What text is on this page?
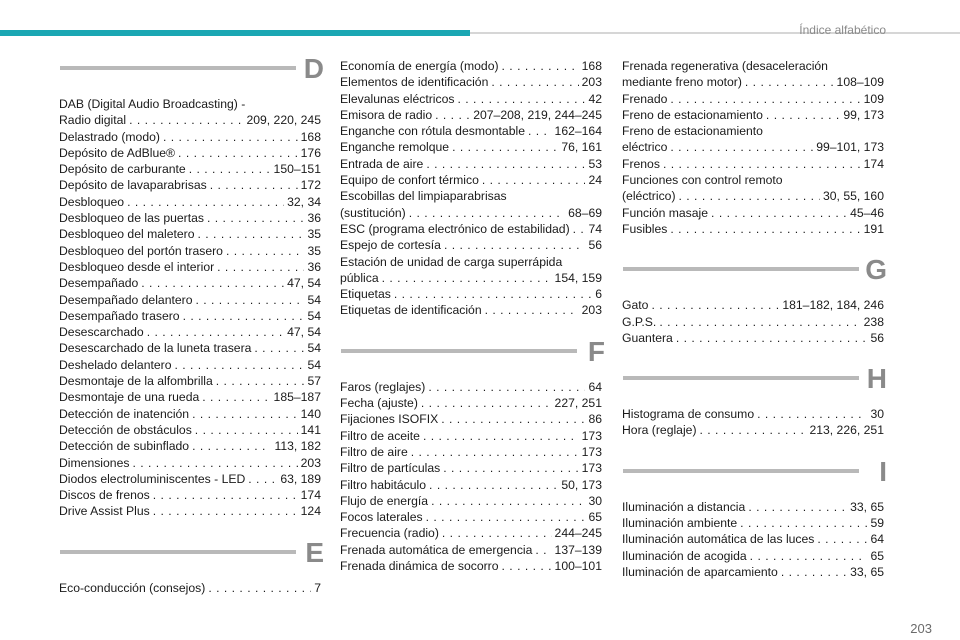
Índice alfabético
D
DAB (Digital Audio Broadcasting) -
Radio digital . . .	209, 220, 245
Delastrado (modo) . . .	168
Depósito de AdBlue® . . .	176
Depósito de carburante . . .	150–151
Depósito de lavaparabrisas . . .	172
Desbloqueo . . .	32, 34
Desbloqueo de las puertas . . .	36
Desbloqueo del maletero . . .	35
Desbloqueo del portón trasero . . .	35
Desbloqueo desde el interior . . .	36
Desempañado . . .	47, 54
Desempañado delantero . . .	54
Desempañado trasero . . .	54
Desescarchado . . .	47, 54
Desescarchado de la luneta trasera . . .	54
Deshelado delantero . . .	54
Desmontaje de la alfombrilla . . .	57
Desmontaje de una rueda . . .	185–187
Detección de inatención . . .	140
Detección de obstáculos . . .	141
Detección de subinflado . . .	113, 182
Dimensiones . . .	203
Diodos electroluminiscentes - LED . . .	63, 189
Discos de frenos . . .	174
Drive Assist Plus . . .	124
E
Eco-conducción (consejos) . . .	7
Economía de energía (modo) . . .	168
Elementos de identificación . . .	203
Elevalunas eléctricos . . .	42
Emisora de radio . . .	207–208, 219, 244–245
Enganche con rótula desmontable . . . 162–164
Enganche remolque . . .	76, 161
Entrada de aire . . .	53
Equipo de confort térmico . . .	24
Escobillas del limpiaparabrisas
(sustitución) . . .	68–69
ESC (programa electrónico de estabilidad) . . . 74
Espejo de cortesía . . .	56
Estación de unidad de carga superrápida
pública . . .	154, 159
Etiquetas . . .	6
Etiquetas de identificación . . .	203
F
Faros (reglajes) . . .	64
Fecha (ajuste) . . .	227, 251
Fijaciones ISOFIX . . .	86
Filtro de aceite . . .	173
Filtro de aire . . .	173
Filtro de partículas . . .	173
Filtro habitáculo . . .	50, 173
Flujo de energía . . .	30
Focos laterales . . .	65
Frecuencia (radio) . . .	244–245
Frenada automática de emergencia . . . 137–139
Frenada dinámica de socorro . . .	100–101
Frenada regenerativa (desaceleración
mediante freno motor) . . .	108–109
Frenado . . .	109
Freno de estacionamiento . . .	99, 173
Freno de estacionamiento
eléctrico . . .	99–101, 173
Frenos . . .	174
Funciones con control remoto
(eléctrico) . . .	30, 55, 160
Función masaje . . .	45–46
Fusibles . . .	191
G
Gato . . .	181–182, 184, 246
G.P.S. . . .	238
Guantera . . .	56
H
Histograma de consumo . . .	30
Hora (reglaje) . . .	213, 226, 251
I
Iluminación a distancia . . .	33, 65
Iluminación ambiente . . .	59
Iluminación automática de las luces . . .	64
Iluminación de acogida . . .	65
Iluminación de aparcamiento . . .	33, 65
203
